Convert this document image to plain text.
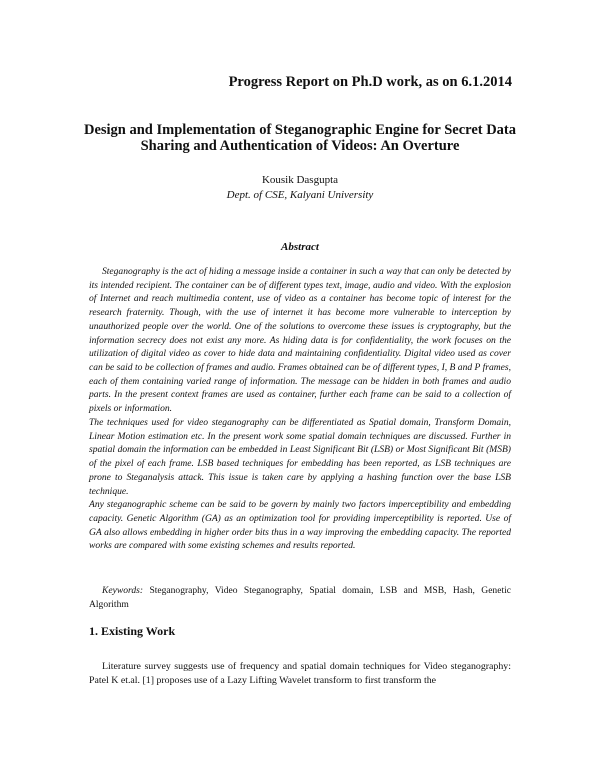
Progress Report on Ph.D work, as on 6.1.2014
Design and Implementation of Steganographic Engine for Secret Data Sharing and Authentication of Videos: An Overture
Kousik Dasgupta
Dept. of CSE, Kalyani University
Abstract

Steganography is the act of hiding a message inside a container in such a way that can only be detected by its intended recipient. The container can be of different types text, image, audio and video. With the explosion of Internet and reach multimedia content, use of video as a container has become topic of interest for the research fraternity. Though, with the use of internet it has become more vulnerable to interception by unauthorized people over the world. One of the solutions to overcome these issues is cryptography, but the information secrecy does not exist any more. As hiding data is for confidentiality, the work focuses on the utilization of digital video as cover to hide data and maintaining confidentiality. Digital video used as cover can be said to be collection of frames and audio. Frames obtained can be of different types, I, B and P frames, each of them containing varied range of information. The message can be hidden in both frames and audio parts. In the present context frames are used as container, further each frame can be said to a collection of pixels or information.

The techniques used for video steganography can be differentiated as Spatial domain, Transform Domain, Linear Motion estimation etc. In the present work some spatial domain techniques are discussed. Further in spatial domain the information can be embedded in Least Significant Bit (LSB) or Most Significant Bit (MSB) of the pixel of each frame. LSB based techniques for embedding has been reported, as LSB techniques are prone to Steganalysis attack. This issue is taken care by applying a hashing function over the base LSB technique.

Any steganographic scheme can be said to be govern by mainly two factors imperceptibility and embedding capacity. Genetic Algorithm (GA) as an optimization tool for providing imperceptibility is reported. Use of GA also allows embedding in higher order bits thus in a way improving the embedding capacity. The reported works are compared with some existing schemes and results reported.

Keywords: Steganography, Video Steganography, Spatial domain, LSB and MSB, Hash, Genetic Algorithm
1. Existing Work
Literature survey suggests use of frequency and spatial domain techniques for Video steganography: Patel K et.al. [1] proposes use of a Lazy Lifting Wavelet transform to first transform the
